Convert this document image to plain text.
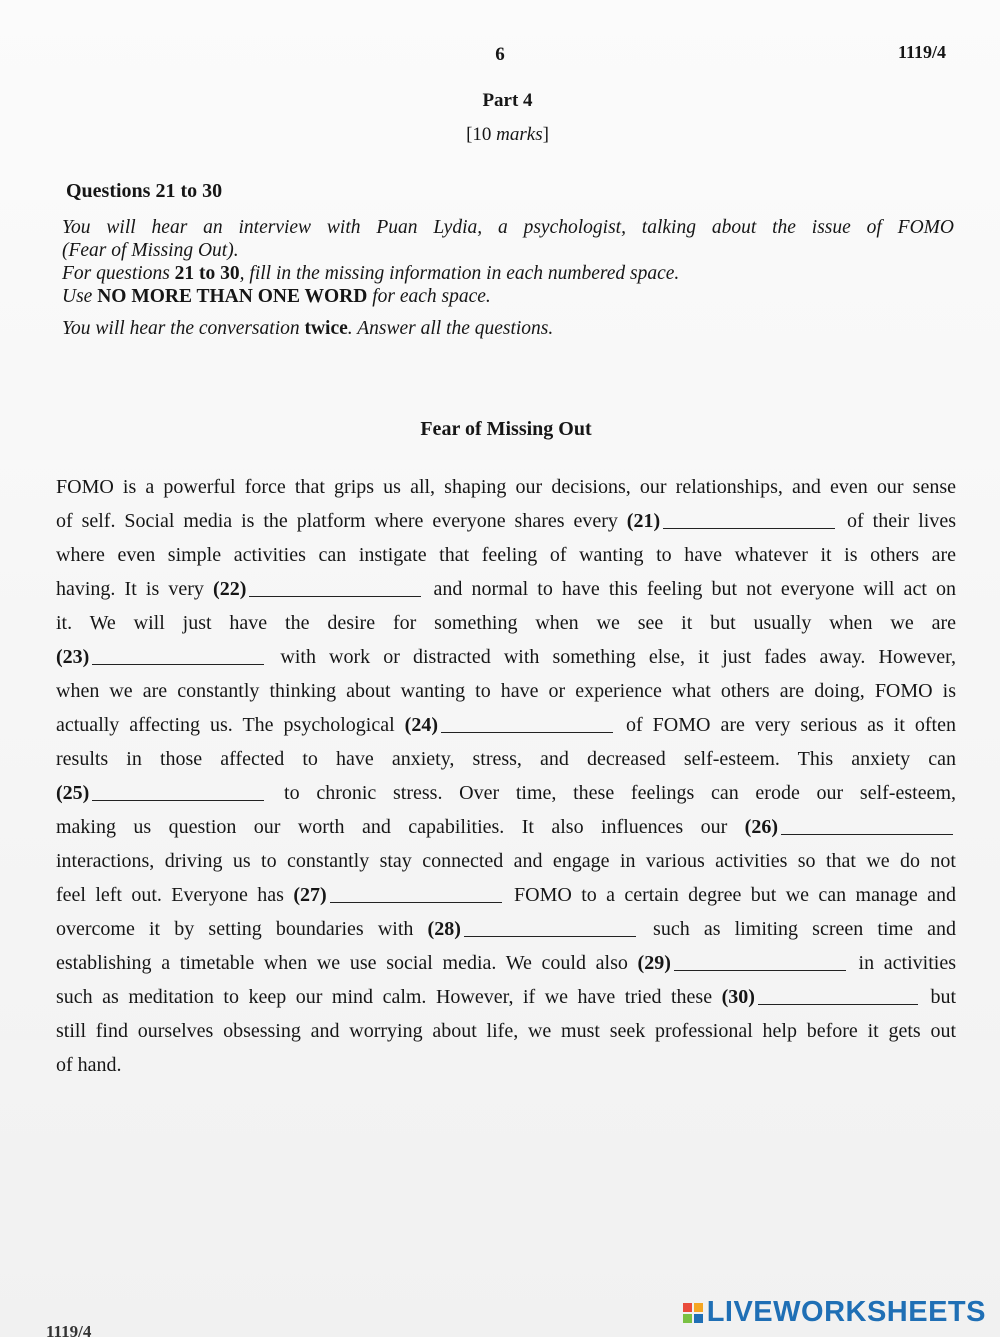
6	1119/4
Part 4
[10 marks]
Questions 21 to 30
You will hear an interview with Puan Lydia, a psychologist, talking about the issue of FOMO
(Fear of Missing Out).
For questions 21 to 30, fill in the missing information in each numbered space.
Use NO MORE THAN ONE WORD for each space.
You will hear the conversation twice. Answer all the questions.
Fear of Missing Out
FOMO is a powerful force that grips us all, shaping our decisions, our relationships, and even our sense
of self. Social media is the platform where everyone shares every (21)	of their lives
where even simple activities can instigate that feeling of wanting to have whatever it is others are
having. It is very (22)	and normal to have this feeling but not everyone will act on
it. We will just have the desire for something when we see it but usually when we are
(23)	with work or distracted with something else, it just fades away. However,
when we are constantly thinking about wanting to have or experience what others are doing, FOMO is
actually affecting us. The psychological (24)	of FOMO are very serious as it often
results in those affected to have anxiety, stress, and decreased self-esteem. This anxiety can
(25)	to chronic stress. Over time, these feelings can erode our self-esteem,
making us question our worth and capabilities. It also influences our (26)
interactions, driving us to constantly stay connected and engage in various activities so that we do not
feel left out. Everyone has (27)	FOMO to a certain degree but we can manage and
overcome it by setting boundaries with (28)	such as limiting screen time and
establishing a timetable when we use social media. We could also (29)	in activities
such as meditation to keep our mind calm. However, if we have tried these (30)	but
still find ourselves obsessing and worrying about life, we must seek professional help before it gets out
of hand.
1119/4
LIVEWORKSHEETS
